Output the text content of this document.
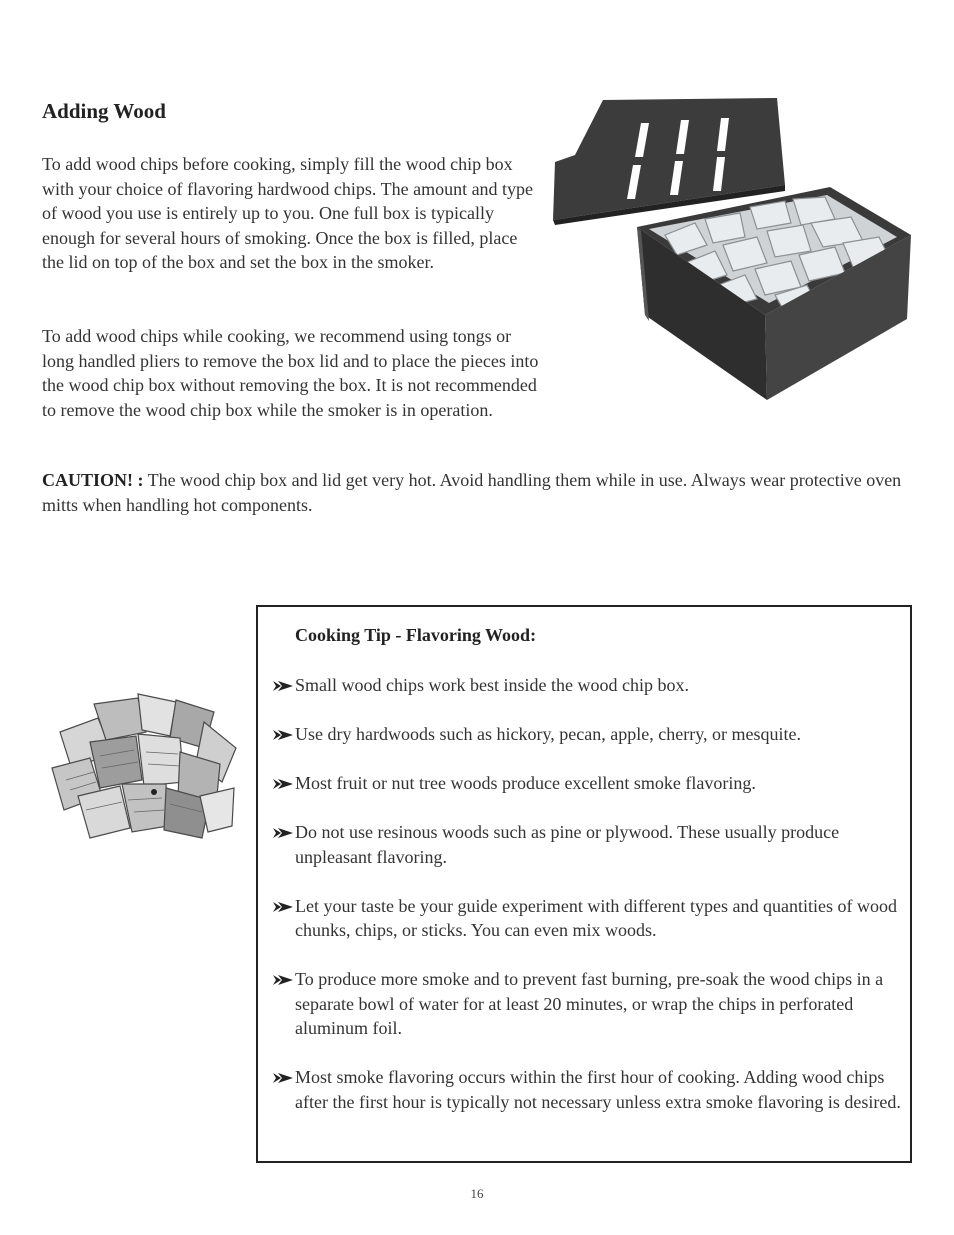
Adding Wood
To add wood chips before cooking, simply fill the wood chip box with your choice of flavoring hardwood chips. The amount and type of wood you use is entirely up to you. One full box is typically enough for several hours of smoking. Once the box is filled, place the lid on top of the box and set the box in the smoker.
To add wood chips while cooking, we recommend using tongs or long handled pliers to remove the box lid and to place the pieces into the wood chip box without removing the box. It is not recommended to remove the wood chip box while the smoker is in operation.
CAUTION! : The wood chip box and lid get very hot. Avoid handling them while in use. Always wear protective oven mitts when handling hot components.
Cooking Tip - Flavoring Wood:
Small wood chips work best inside the wood chip box.
Use dry hardwoods such as hickory, pecan, apple, cherry, or mesquite.
Most fruit or nut tree woods produce excellent smoke flavoring.
Do not use resinous woods such as pine or plywood. These usually produce unpleasant flavoring.
Let your taste be your guide experiment with different types and quantities of wood chunks, chips, or sticks. You can even mix woods.
To produce more smoke and to prevent fast burning, pre-soak the wood chips in a separate bowl of water for at least 20 minutes, or wrap the chips in perforated aluminum foil.
Most smoke flavoring occurs within the first hour of cooking. Adding wood chips after the first hour is typically not necessary unless extra smoke flavoring is desired.
16
